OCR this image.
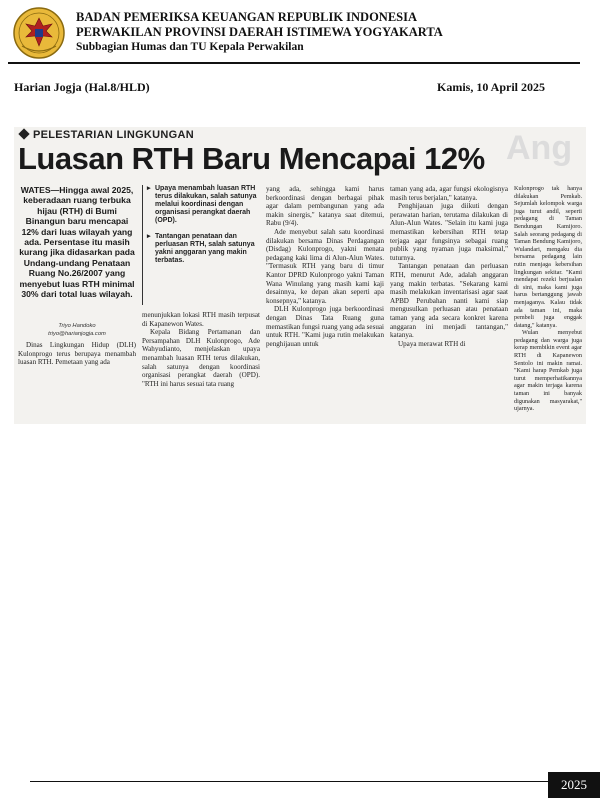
BADAN PEMERIKSA KEUANGAN REPUBLIK INDONESIA
PERWAKILAN PROVINSI DAERAH ISTIMEWA YOGYAKARTA
Subbagian Humas dan TU Kepala Perwakilan
Harian Jogja (Hal.8/HLD)	Kamis, 10 April 2025
Ang
PELESTARIAN LINGKUNGAN
Luasan RTH Baru Mencapai 12%
WATES—Hingga awal 2025, keberadaan ruang terbuka hijau (RTH) di Bumi Binangun baru mencapai 12% dari luas wilayah yang ada. Persentase itu masih kurang jika didasarkan pada Undang-undang Penataan Ruang No.26/2007 yang menyebut luas RTH minimal 30% dari total luas wilayah.
Triyo Handoko
triyo@harianjogja.com

Dinas Lingkungan Hidup (DLH) Kulonprogo terus berupaya menambah luasan RTH. Pemetaan yang ada

▸ Upaya menambah luasan RTH terus dilakukan, salah satunya melalui koordinasi dengan organisasi perangkat daerah (OPD).

▸ Tantangan penataan dan perluasan RTH, salah satunya yakni anggaran yang makin terbatas.

menunjukkan lokasi RTH masih terpusat di Kapanewon Wates.

Kepala Bidang Pertamanan dan Persampahan DLH Kulonprogo, Ade Wahyudianto, menjelaskan upaya menambah luasan RTH terus dilakukan, salah satunya dengan koordinasi organisasi perangkat daerah (OPD). "RTH ini harus sesuai tata ruang

yang ada, sehingga kami harus berkoordinasi dengan berbagai pihak agar dalam pembangunan yang ada makin sinergis," katanya saat ditemui, Rabu (9/4).

Ade menyebut salah satu koordinasi dilakukan bersama Dinas Perdagangan (Disdag) Kulonprogo, yakni menata pedagang kaki lima di Alun-Alun Wates. "Termasuk RTH yang baru di timur Kantor DPRD Kulonprogo yakni Taman Wana Winulang yang masih kami kaji desainnya, ke depan akan seperti apa konsepnya," katanya.

DLH Kulonprogo juga berkoordinasi dengan Dinas Tata Ruang guna memastikan fungsi ruang yang ada sesuai untuk RTH. "Kami juga rutin melakukan penghijauan untuk

taman yang ada, agar fungsi ekologisnya masih terus berjalan," katanya.

Penghijauan juga diikuti dengan perawatan harian, terutama dilakukan di Alun-Alun Wates. "Selain itu kami juga memastikan kebersihan RTH tetap terjaga agar fungsinya sebagai ruang publik yang nyaman juga maksimal," tuturnya.

Tantangan penataan dan perluasan RTH, menurut Ade, adalah anggaran yang makin terbatas. "Sekarang kami masih melakukan inventarisasi agar saat APBD Perubahan nanti kami siap mengusulkan perluasan atau penataan taman yang ada secara konkret karena anggaran ini menjadi tantangan," katanya.

Upaya merawat RTH di

Kulonprogo tak hanya dilakukan Pemkab. Sejumlah kelompok warga juga turut andil, seperti pedagang di Taman Bendungan Kamijoro. Salah seorang pedagang di Taman Bendung Kamijoro, Wulandari, mengaku dia bersama pedagang lain rutin menjaga kebersihan lingkungan sekitar. "Kami mendapat rezeki berjualan di sini, maka kami juga harus bertanggung jawab menjaganya. Kalau tidak ada taman ini, maka pembeli juga enggak datang," katanya.

Wulan menyebut pedagang dan warga juga kerap membikin event agar RTH di Kapanewon Sentolo ini makin ramai. "Kami harap Pemkab juga turut memperhatikannya agar makin terjaga karena taman ini banyak digunakan masyarakat," ujarnya.

2025
